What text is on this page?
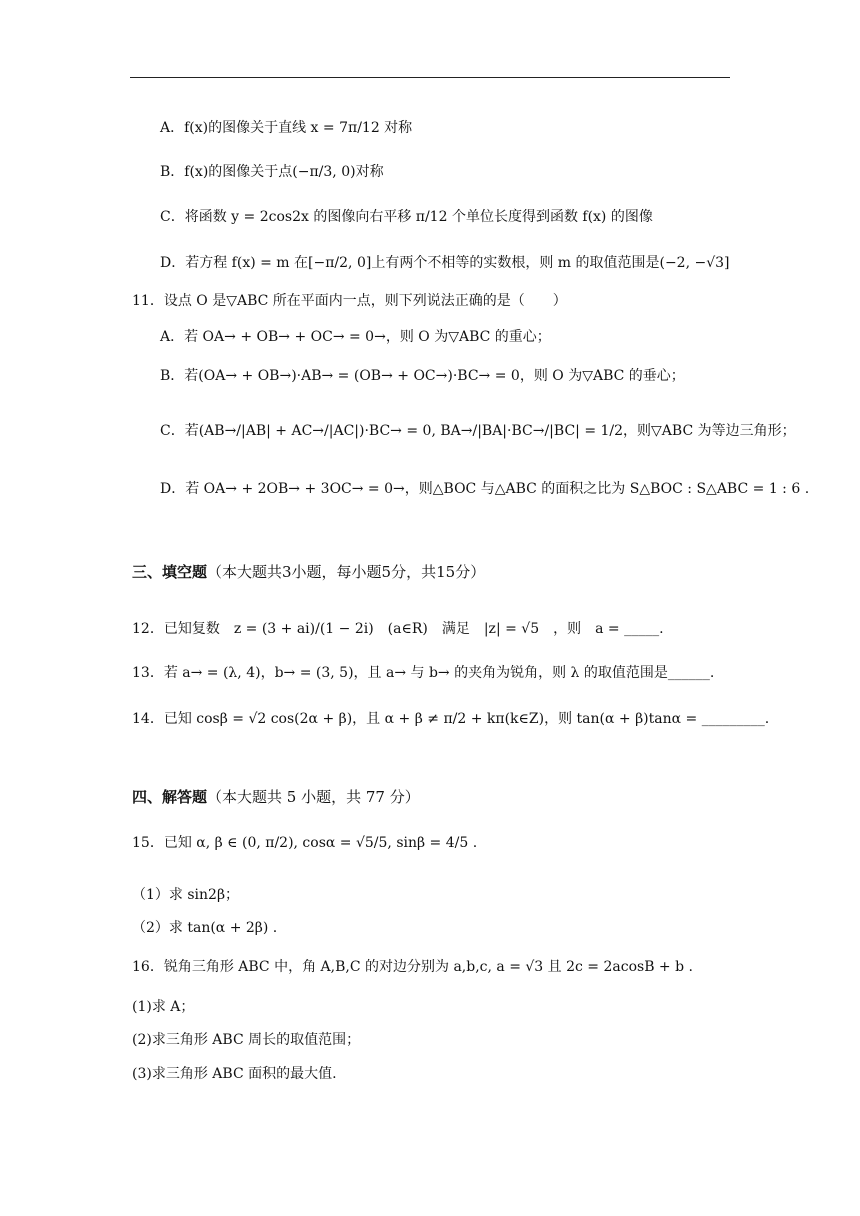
A．f(x)的图像关于直线 x = 7π/12 对称
B．f(x)的图像关于点(−π/3, 0)对称
C．将函数 y = 2cos2x 的图像向右平移 π/12 个单位长度得到函数 f(x) 的图像
D．若方程 f(x) = m 在[−π/2, 0]上有两个不相等的实数根，则 m 的取值范围是(−2, −√3]
11．设点 O 是▽ABC 所在平面内一点，则下列说法正确的是（　　）
A．若 OA→ + OB→ + OC→ = 0→，则 O 为▽ABC 的重心；
B．若(OA→ + OB→)·AB→ = (OB→ + OC→)·BC→ = 0，则 O 为▽ABC 的垂心；
C．若(AB→/|AB| + AC→/|AC|)·BC→ = 0, BA→/|BA|·BC→/|BC| = 1/2，则▽ABC 为等边三角形；
D．若 OA→ + 2OB→ + 3OC→ = 0→，则△BOC 与△ABC 的面积之比为 S△BOC : S△ABC = 1 : 6 .
三、填空题（本大题共3小题，每小题5分，共15分）
12．已知复数　z = (3 + ai)/(1 − 2i)　(a∈R)　满足　|z| = √5　，则　a = _____.
13．若 a→ = (λ, 4)，b→ = (3, 5)，且 a→ 与 b→ 的夹角为锐角，则 λ 的取值范围是______.
14．已知 cosβ = √2 cos(2α + β)，且 α + β ≠ π/2 + kπ(k∈Z)，则 tan(α + β)tanα = _________.
四、解答题（本大题共 5 小题，共 77 分）
15．已知 α, β ∈ (0, π/2), cosα = √5/5, sinβ = 4/5 .
（1）求 sin2β；
（2）求 tan(α + 2β) .
16．锐角三角形 ABC 中，角 A,B,C 的对边分别为 a,b,c, a = √3 且 2c = 2acosB + b .
(1)求 A；
(2)求三角形 ABC 周长的取值范围；
(3)求三角形 ABC 面积的最大值.
